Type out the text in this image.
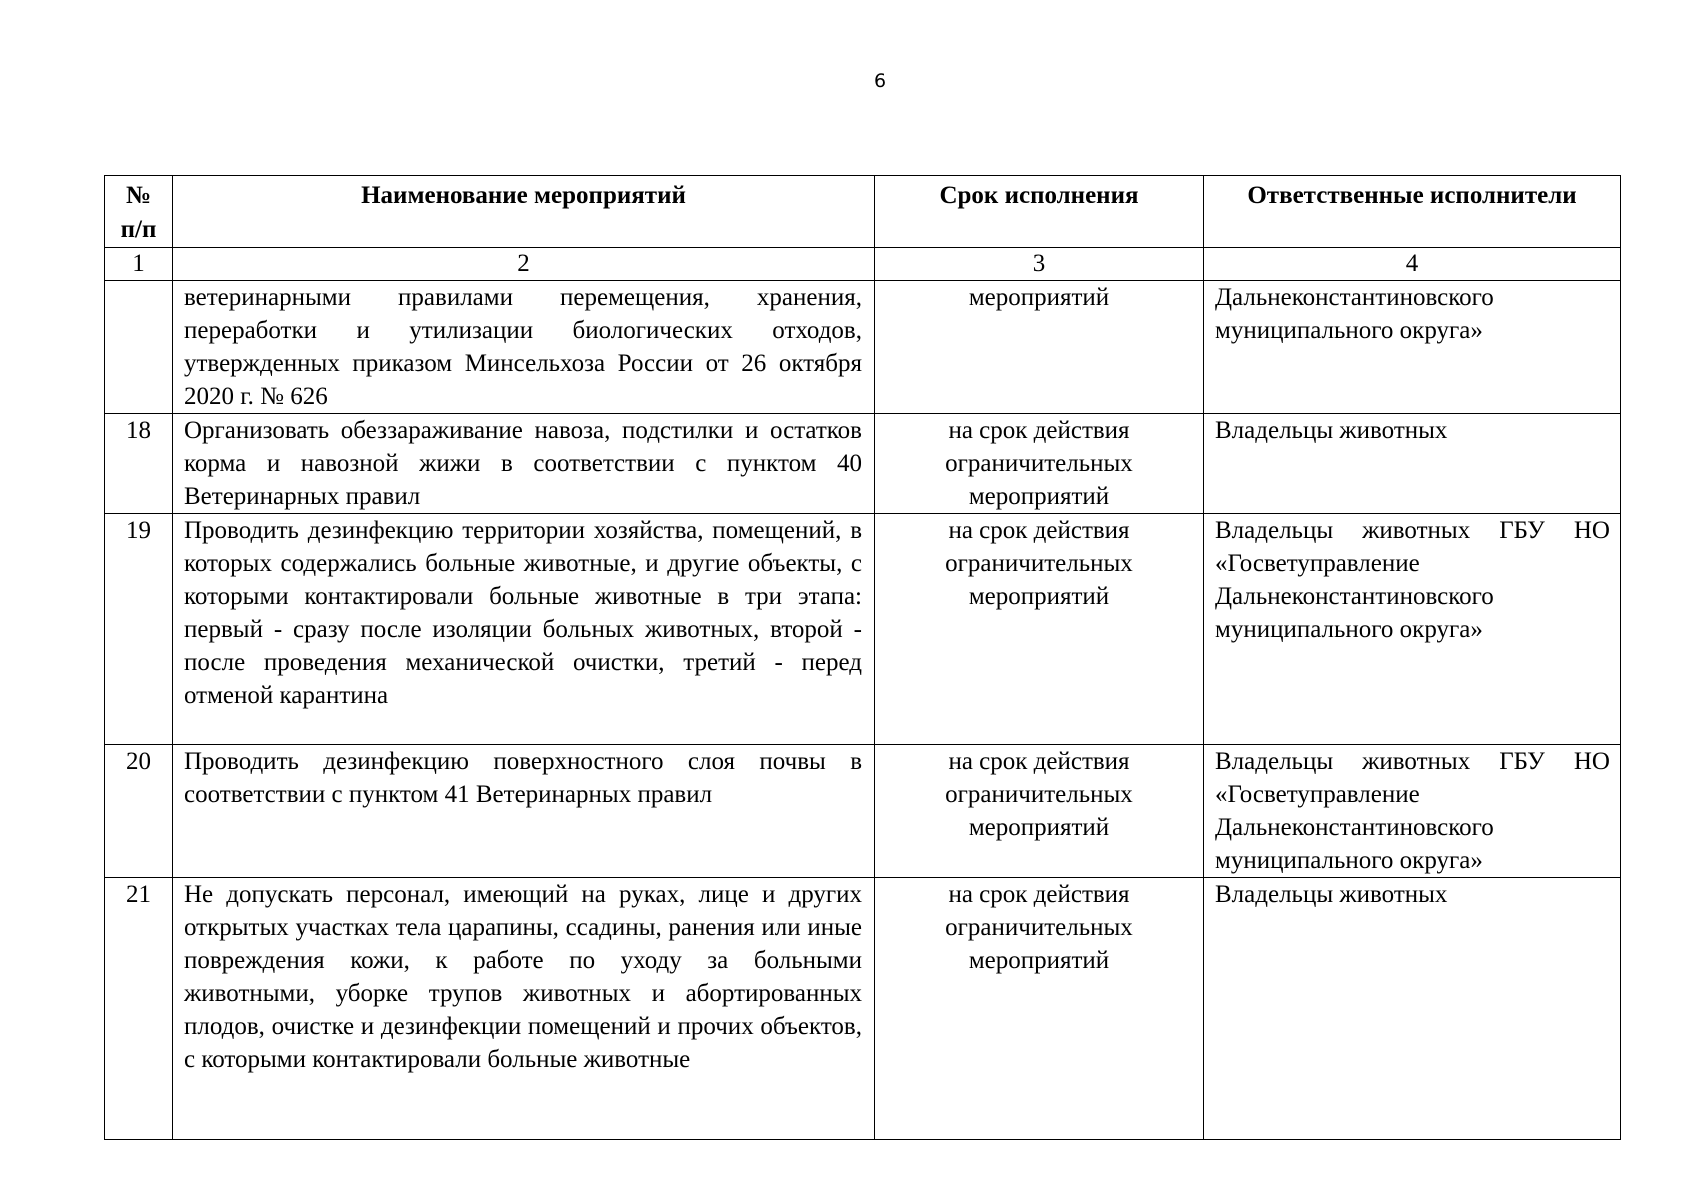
6
№ п/п	Наименование мероприятий	Срок исполнения	Ответственные исполнители
1	2	3	4
	ветеринарными правилами перемещения, хранения, переработки и утилизации биологических отходов, утвержденных приказом Минсельхоза России от 26 октября 2020 г. № 626	мероприятий	Дальнеконстантиновского муниципального округа»
18	Организовать обеззараживание навоза, подстилки и остатков корма и навозной жижи в соответствии с пунктом 40 Ветеринарных правил	на срок действия ограничительных мероприятий	Владельцы животных
19	Проводить дезинфекцию территории хозяйства, помещений, в которых содержались больные животные, и другие объекты, с которыми контактировали больные животные в три этапа: первый - сразу после изоляции больных животных, второй - после проведения механической очистки, третий - перед отменой карантина	на срок действия ограничительных мероприятий	Владельцы животных ГБУ НО «Госветуправление Дальнеконстантиновского муниципального округа»
20	Проводить дезинфекцию поверхностного слоя почвы в соответствии с пунктом 41 Ветеринарных правил	на срок действия ограничительных мероприятий	Владельцы животных ГБУ НО «Госветуправление Дальнеконстантиновского муниципального округа»
21	Не допускать персонал, имеющий на руках, лице и других открытых участках тела царапины, ссадины, ранения или иные повреждения кожи, к работе по уходу за больными животными, уборке трупов животных и абортированных плодов, очистке и дезинфекции помещений и прочих объектов, с которыми контактировали больные животные	на срок действия ограничительных мероприятий	Владельцы животных
